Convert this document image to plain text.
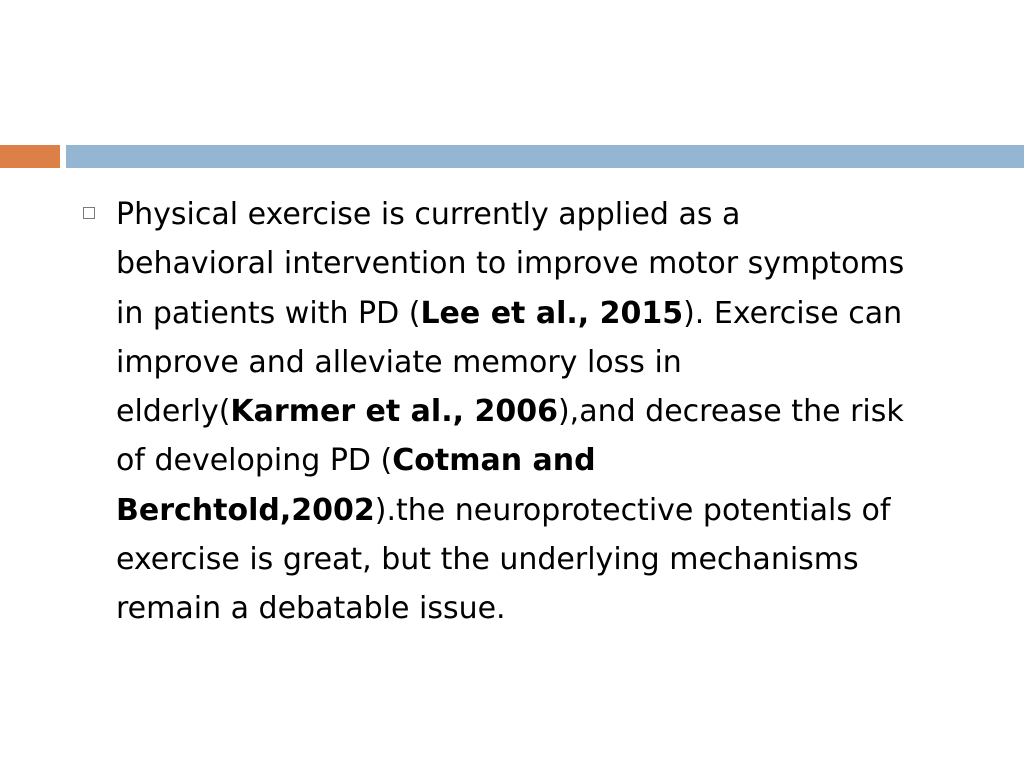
Physical exercise is currently applied as a
behavioral intervention to improve motor symptoms
in patients with PD (Lee et al., 2015). Exercise can
improve and alleviate memory loss in
elderly(Karmer et al., 2006),and decrease the risk
of developing PD (Cotman and
Berchtold,2002).the neuroprotective potentials of
exercise is great, but the underlying mechanisms
remain a debatable issue.
